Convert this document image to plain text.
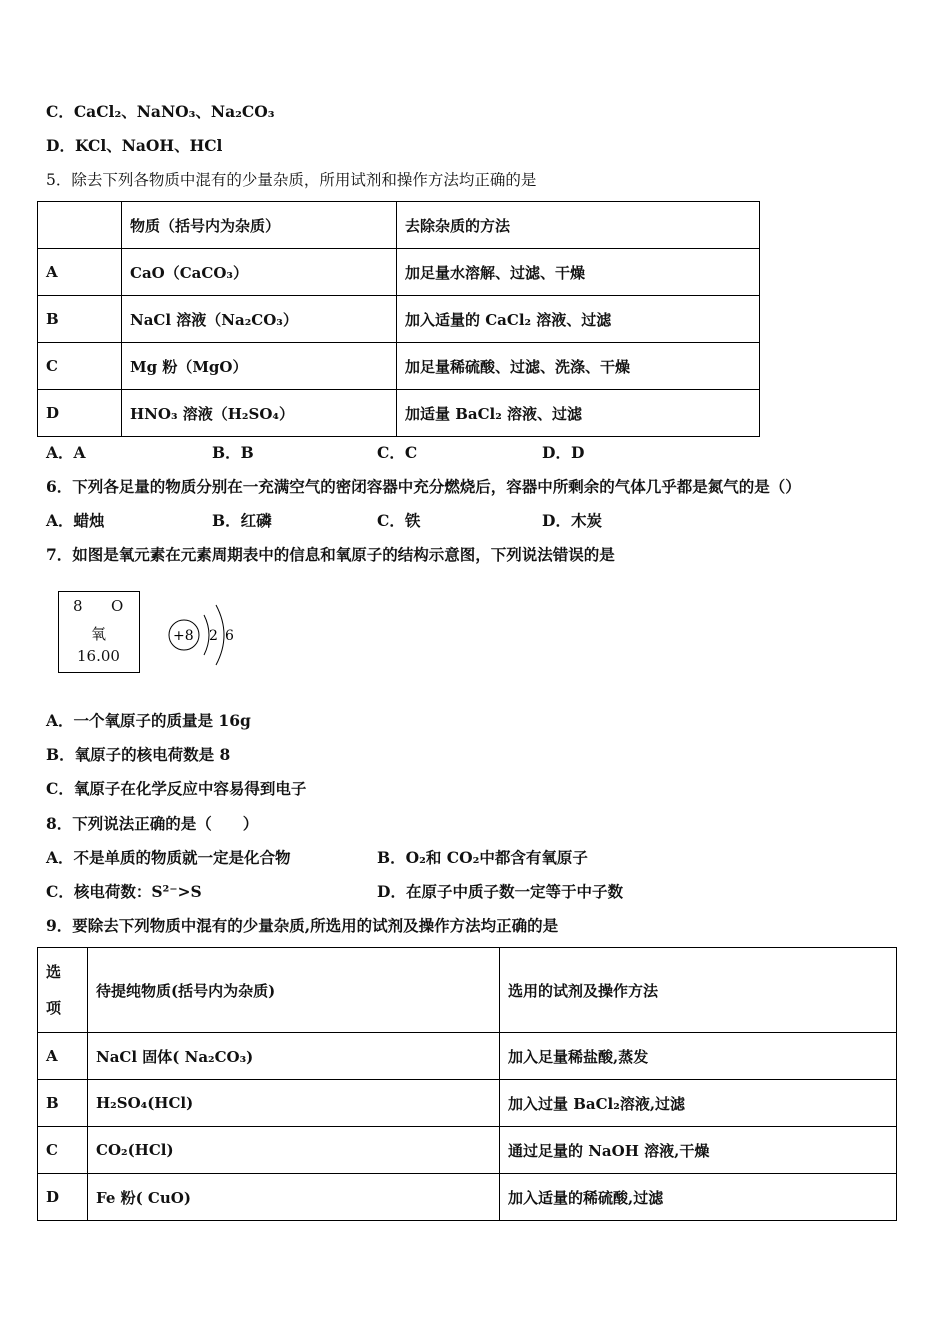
C．CaCl₂、NaNO₃、Na₂CO₃
D．KCl、NaOH、HCl
5．除去下列各物质中混有的少量杂质，所用试剂和操作方法均正确的是
	物质（括号内为杂质）	去除杂质的方法
A	CaO（CaCO₃）	加足量水溶解、过滤、干燥
B	NaCl 溶液（Na₂CO₃）	加入适量的 CaCl₂ 溶液、过滤
C	Mg 粉（MgO）	加足量稀硫酸、过滤、洗涤、干燥
D	HNO₃ 溶液（H₂SO₄）	加适量 BaCl₂ 溶液、过滤
A．A	B．B	C．C	D．D
6．下列各足量的物质分别在一充满空气的密闭容器中充分燃烧后，容器中所剩余的气体几乎都是氮气的是（）
A．蜡烛	B．红磷	C．铁	D．木炭
7．如图是氧元素在元素周期表中的信息和氧原子的结构示意图，下列说法错误的是
8 O
氧
16.00
+8 2 6
A．一个氧原子的质量是 16g
B．氧原子的核电荷数是 8
C．氧原子在化学反应中容易得到电子
8．下列说法正确的是（　　）
A．不是单质的物质就一定是化合物	B．O₂和 CO₂中都含有氧原子
C．核电荷数：S²⁻>S	D．在原子中质子数一定等于中子数
9．要除去下列物质中混有的少量杂质,所选用的试剂及操作方法均正确的是
选

项	待提纯物质(括号内为杂质)	选用的试剂及操作方法
A	NaCl 固体( Na₂CO₃)	加入足量稀盐酸,蒸发
B	H₂SO₄(HCl)	加入过量 BaCl₂溶液,过滤
C	CO₂(HCl)	通过足量的 NaOH 溶液,干燥
D	Fe 粉( CuO)	加入适量的稀硫酸,过滤
